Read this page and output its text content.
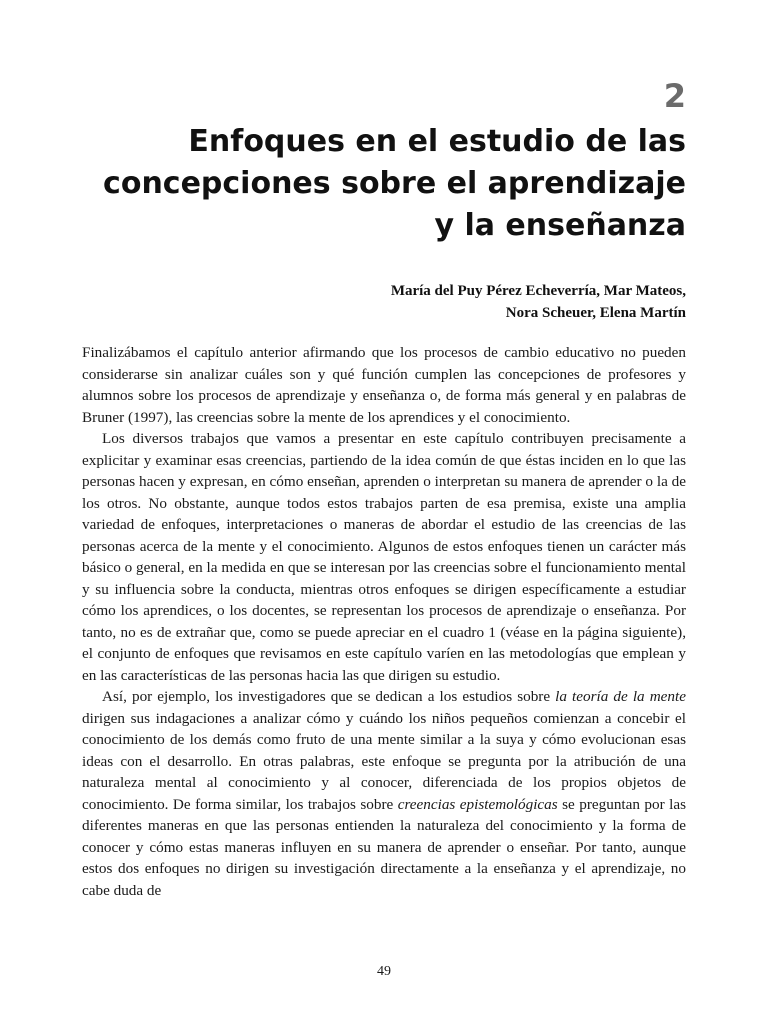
2
Enfoques en el estudio de las
concepciones sobre el aprendizaje
y la enseñanza
María del Puy Pérez Echeverría, Mar Mateos,
Nora Scheuer, Elena Martín

Finalizábamos el capítulo anterior afirmando que los procesos de cambio educativo no pueden considerarse sin analizar cuáles son y qué función cumplen las concepciones de profesores y alumnos sobre los procesos de aprendizaje y enseñanza o, de forma más general y en palabras de Bruner (1997), las creencias sobre la mente de los aprendices y el conocimiento.

Los diversos trabajos que vamos a presentar en este capítulo contribuyen precisamente a explicitar y examinar esas creencias, partiendo de la idea común de que éstas inciden en lo que las personas hacen y expresan, en cómo enseñan, aprenden o interpretan su manera de aprender o la de los otros. No obstante, aunque todos estos trabajos parten de esa premisa, existe una amplia variedad de enfoques, interpretaciones o maneras de abordar el estudio de las creencias de las personas acerca de la mente y el conocimiento. Algunos de estos enfoques tienen un carácter más básico o general, en la medida en que se interesan por las creencias sobre el funcionamiento mental y su influencia sobre la conducta, mientras otros enfoques se dirigen específicamente a estudiar cómo los aprendices, o los docentes, se representan los procesos de aprendizaje o enseñanza. Por tanto, no es de extrañar que, como se puede apreciar en el cuadro 1 (véase en la página siguiente), el conjunto de enfoques que revisamos en este capítulo varíen en las metodologías que emplean y en las características de las personas hacia las que dirigen su estudio.

Así, por ejemplo, los investigadores que se dedican a los estudios sobre la teoría de la mente dirigen sus indagaciones a analizar cómo y cuándo los niños pequeños comienzan a concebir el conocimiento de los demás como fruto de una mente similar a la suya y cómo evolucionan esas ideas con el desarrollo. En otras palabras, este enfoque se pregunta por la atribución de una naturaleza mental al conocimiento y al conocer, diferenciada de los propios objetos de conocimiento. De forma similar, los trabajos sobre creencias epistemológicas se preguntan por las diferentes maneras en que las personas entienden la naturaleza del conocimiento y la forma de conocer y cómo estas maneras influyen en su manera de aprender o enseñar. Por tanto, aunque estos dos enfoques no dirigen su investigación directamente a la enseñanza y el aprendizaje, no cabe duda de

49
